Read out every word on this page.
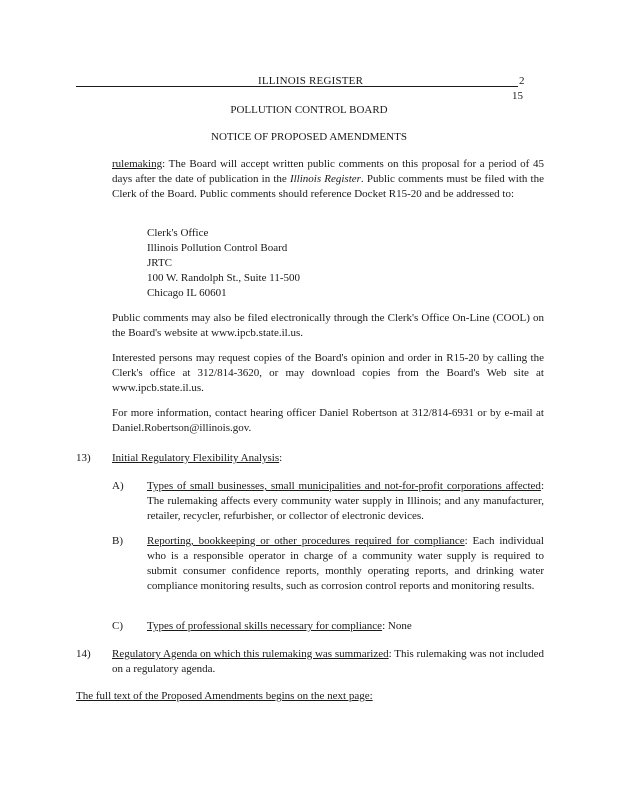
ILLINOIS REGISTER	2
15
POLLUTION CONTROL BOARD
NOTICE OF PROPOSED AMENDMENTS
rulemaking: The Board will accept written public comments on this proposal for a period of 45 days after the date of publication in the Illinois Register. Public comments must be filed with the Clerk of the Board. Public comments should reference Docket R15-20 and be addressed to:
Clerk's Office
Illinois Pollution Control Board
JRTC
100 W. Randolph St., Suite 11-500
Chicago IL 60601
Public comments may also be filed electronically through the Clerk's Office On-Line (COOL) on the Board's website at www.ipcb.state.il.us.
Interested persons may request copies of the Board's opinion and order in R15-20 by calling the Clerk's office at 312/814-3620, or may download copies from the Board's Web site at www.ipcb.state.il.us.
For more information, contact hearing officer Daniel Robertson at 312/814-6931 or by e-mail at Daniel.Robertson@illinois.gov.
13) Initial Regulatory Flexibility Analysis:
A) Types of small businesses, small municipalities and not-for-profit corporations affected: The rulemaking affects every community water supply in Illinois; and any manufacturer, retailer, recycler, refurbisher, or collector of electronic devices.
B) Reporting, bookkeeping or other procedures required for compliance: Each individual who is a responsible operator in charge of a community water supply is required to submit consumer confidence reports, monthly operating reports, and drinking water compliance monitoring results, such as corrosion control reports and monitoring results.
C) Types of professional skills necessary for compliance: None
14) Regulatory Agenda on which this rulemaking was summarized: This rulemaking was not included on a regulatory agenda.
The full text of the Proposed Amendments begins on the next page:
